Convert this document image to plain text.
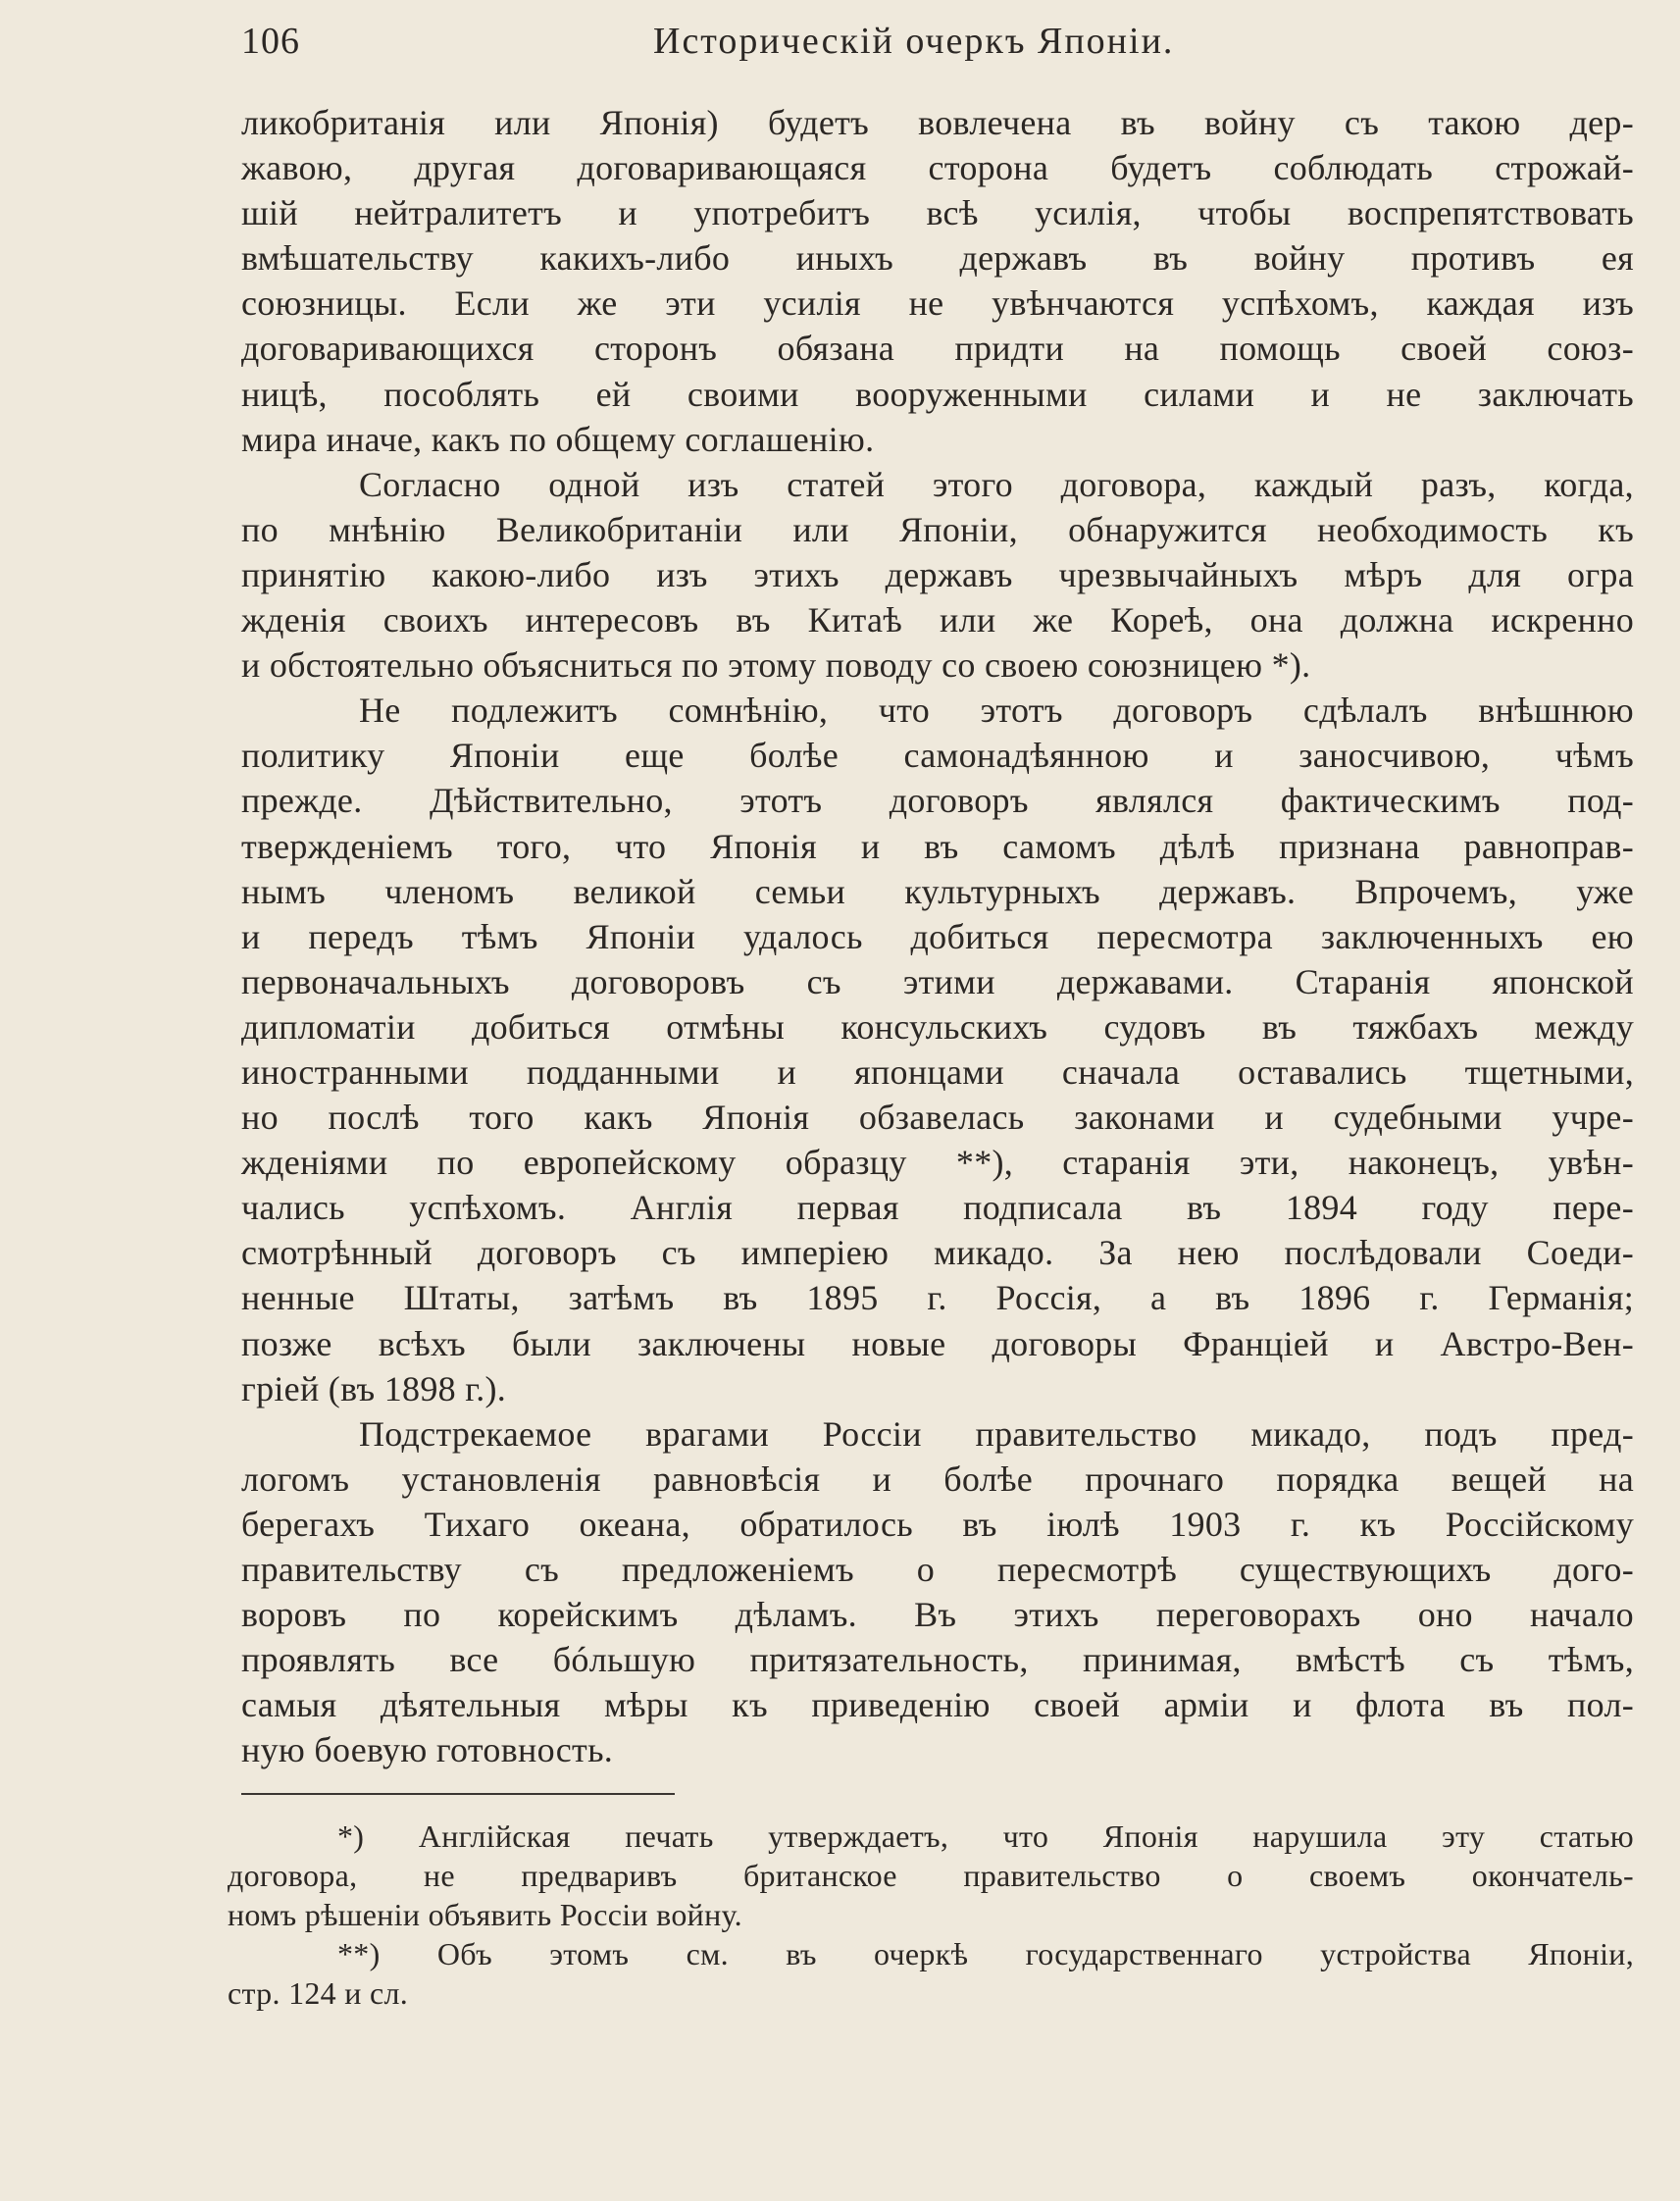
106	Историческій очеркъ Японіи.
ликобританія или Японія) будетъ вовлечена въ войну съ такою дер-
жавою, другая договаривающаяся сторона будетъ соблюдать строжай-
шій нейтралитетъ и употребитъ всѣ усилія, чтобы воспрепятствовать
вмѣшательству какихъ-либо иныхъ державъ въ войну противъ ея
союзницы. Если же эти усилія не увѣнчаются успѣхомъ, каждая изъ
договаривающихся сторонъ обязана придти на помощь своей союз-
ницѣ, пособлять ей своими вооруженными силами и не заключать
мира иначе, какъ по общему соглашенію.
Согласно одной изъ статей этого договора, каждый разъ, когда,
по мнѣнію Великобританіи или Японіи, обнаружится необходимость къ
принятію какою-либо изъ этихъ державъ чрезвычайныхъ мѣръ для огра
жденія своихъ интересовъ въ Китаѣ или же Кореѣ, она должна искренно
и обстоятельно объясниться по этому поводу со своею союзницею *).
Не подлежитъ сомнѣнію, что этотъ договоръ сдѣлалъ внѣшнюю
политику Японіи еще болѣе самонадѣянною и заносчивою, чѣмъ
прежде. Дѣйствительно, этотъ договоръ являлся фактическимъ под-
твержденіемъ того, что Японія и въ самомъ дѣлѣ признана равноправ-
нымъ членомъ великой семьи культурныхъ державъ. Впрочемъ, уже
и передъ тѣмъ Японіи удалось добиться пересмотра заключенныхъ ею
первоначальныхъ договоровъ съ этими державами. Старанія японской
дипломатіи добиться отмѣны консульскихъ судовъ въ тяжбахъ между
иностранными подданными и японцами сначала оставались тщетными,
но послѣ того какъ Японія обзавелась законами и судебными учре-
жденіями по европейскому образцу **), старанія эти, наконецъ, увѣн-
чались успѣхомъ. Англія первая подписала въ 1894 году пере-
смотрѣнный договоръ съ имперіею микадо. За нею послѣдовали Соеди-
ненные Штаты, затѣмъ въ 1895 г. Россія, а въ 1896 г. Германія;
позже всѣхъ были заключены новые договоры Франціей и Австро-Вен-
гріей (въ 1898 г.).
Подстрекаемое врагами Россіи правительство микадо, подъ пред-
логомъ установленія равновѣсія и болѣе прочнаго порядка вещей на
берегахъ Тихаго океана, обратилось въ іюлѣ 1903 г. къ Россійскому
правительству съ предложеніемъ о пересмотрѣ существующихъ дого-
воровъ по корейскимъ дѣламъ. Въ этихъ переговорахъ оно начало
проявлять все бóльшую притязательность, принимая, вмѣстѣ съ тѣмъ,
самыя дѣятельныя мѣры къ приведенію своей арміи и флота въ пол-
ную боевую готовность.
*) Англійская печать утверждаетъ, что Японія нарушила эту статью
договора, не предваривъ британское правительство о своемъ окончатель-
номъ рѣшеніи объявить Россіи войну.
**) Объ этомъ см. въ очеркѣ государственнаго устройства Японіи,
стр. 124 и сл.
